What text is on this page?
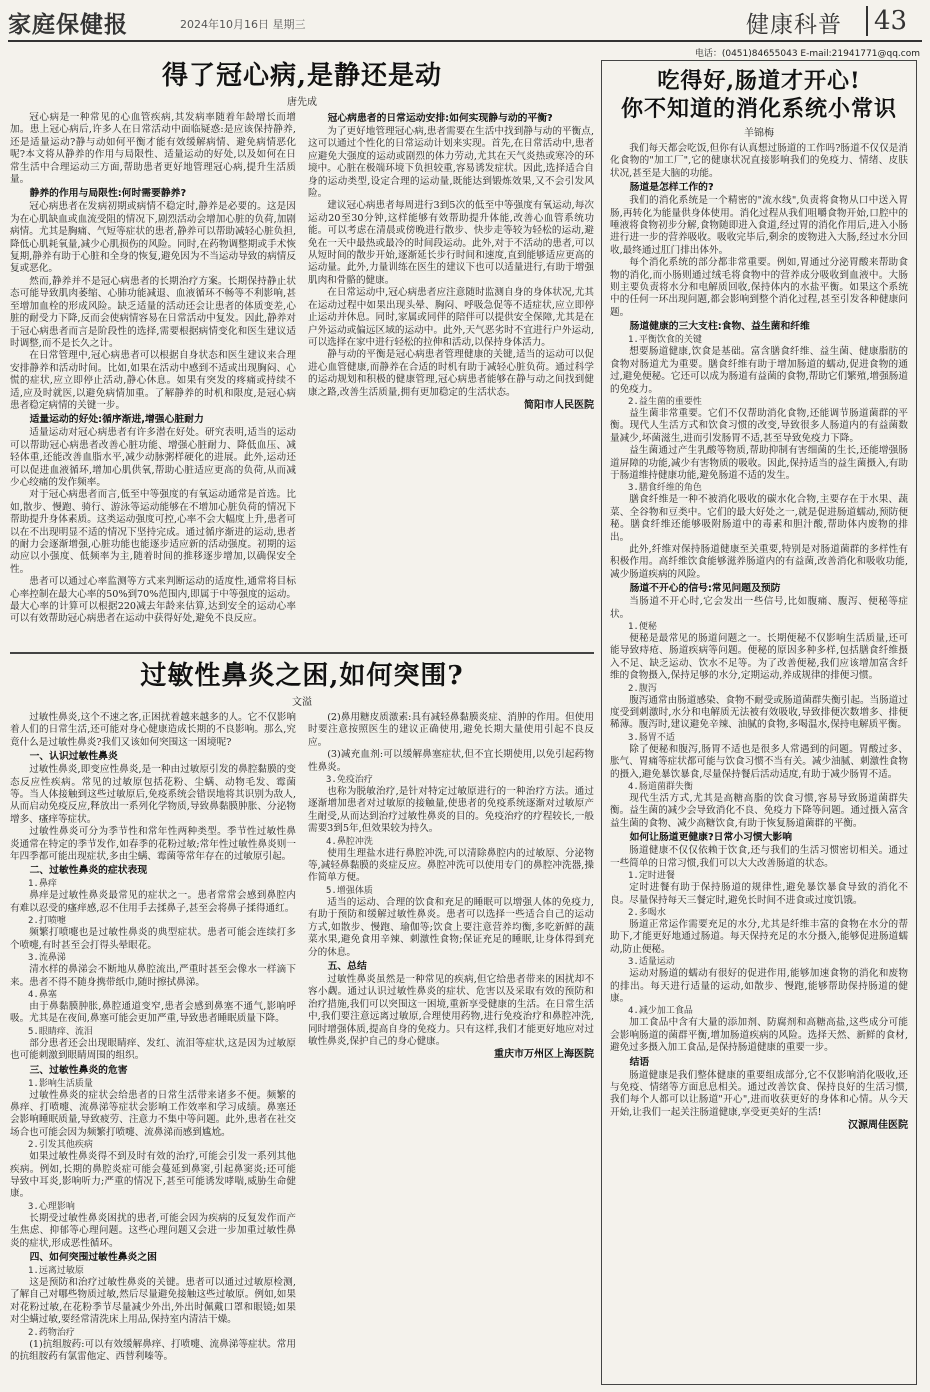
家庭保健报	2024年10月16日 星期三	健康科普	43
电话：(0451)84655043 E-mail:21941771@qq.com
得了冠心病,是静还是动
唐先成
冠心病是一种常见的心血管疾病,其发病率随着年龄增长而增加。患上冠心病后,许多人在日常活动中面临疑惑:是应该保持静养,还是适量运动?静与动如何平衡才能有效缓解病情、避免病情恶化呢?本文将从静养的作用与局限性、适量运动的好处,以及如何在日常生活中合理运动三方面,帮助患者更好地管理冠心病,提升生活质量。
静养的作用与局限性:何时需要静养?
冠心病患者在发病初期或病情不稳定时,静养是必要的。这是因为在心肌缺血或血流受阻的情况下,剧烈活动会增加心脏的负荷,加剧病情。尤其是胸痛、气短等症状的患者,静养可以帮助减轻心脏负担,降低心肌耗氧量,减少心肌损伤的风险。同时,在药物调整期或手术恢复期,静养有助于心脏和全身的恢复,避免因为不当运动导致的病情反复或恶化。
然而,静养并不是冠心病患者的长期治疗方案。长期保持静止状态可能导致肌肉萎缩、心肺功能减退、血液循环不畅等不利影响,甚至增加血栓的形成风险。缺乏适量的活动还会让患者的体质变差,心脏的耐受力下降,反而会使病情容易在日常活动中复发。因此,静养对于冠心病患者而言是阶段性的选择,需要根据病情变化和医生建议适时调整,而不是长久之计。
在日常管理中,冠心病患者可以根据自身状态和医生建议来合理安排静养和活动时间。比如,如果在活动中感到不适或出现胸闷、心慌的症状,应立即停止活动,静心休息。如果有突发的疼痛或持续不适,应及时就医,以避免病情加重。了解静养的时机和限度,是冠心病患者稳定病情的关键一步。
适量运动的好处:循序渐进,增强心脏耐力
适量运动对冠心病患者有许多潜在好处。研究表明,适当的运动可以帮助冠心病患者改善心脏功能、增强心脏耐力、降低血压、减轻体重,还能改善血脂水平,减少动脉粥样硬化的进展。此外,运动还可以促进血液循环,增加心肌供氧,帮助心脏适应更高的负荷,从而减少心绞痛的发作频率。
对于冠心病患者而言,低至中等强度的有氧运动通常是首选。比如,散步、慢跑、骑行、游泳等运动能够在不增加心脏负荷的情况下帮助提升身体素质。这类运动强度可控,心率不会大幅度上升,患者可以在不出现明显不适的情况下坚持完成。通过循序渐进的运动,患者的耐力会逐渐增强,心脏功能也能逐步适应新的活动强度。初期的运动应以小强度、低频率为主,随着时间的推移逐步增加,以确保安全性。
患者可以通过心率监测等方式来判断运动的适度性,通常将目标心率控制在最大心率的50%到70%范围内,即属于中等强度的运动。最大心率的计算可以根据220减去年龄来估算,达到安全的运动心率可以有效帮助冠心病患者在运动中获得好处,避免不良反应。
冠心病患者的日常运动安排:如何实现静与动的平衡?
为了更好地管理冠心病,患者需要在生活中找到静与动的平衡点,这可以通过个性化的日常运动计划来实现。首先,在日常活动中,患者应避免大强度的运动或剧烈的体力劳动,尤其在天气炎热或寒冷的环境中。心脏在极端环境下负担较重,容易诱发症状。因此,选择适合自身的运动类型,设定合理的运动量,既能达到锻炼效果,又不会引发风险。
建议冠心病患者每周进行3到5次的低至中等强度有氧运动,每次运动20至30分钟,这样能够有效帮助提升体能,改善心血管系统功能。可以考虑在清晨或傍晚进行散步、快步走等较为轻松的运动,避免在一天中最热或最冷的时间段运动。此外,对于不活动的患者,可以从短时间的散步开始,逐渐延长步行时间和速度,直到能够适应更高的运动量。此外,力量训练在医生的建议下也可以适量进行,有助于增强肌肉和骨骼的健康。
在日常运动中,冠心病患者应注意随时监测自身的身体状况,尤其在运动过程中如果出现头晕、胸闷、呼吸急促等不适症状,应立即停止运动并休息。同时,家属或同伴的陪伴可以提供安全保障,尤其是在户外运动或偏远区域的运动中。此外,天气恶劣时不宜进行户外运动,可以选择在家中进行轻松的拉伸和活动,以保持身体活力。
静与动的平衡是冠心病患者管理健康的关键,适当的运动可以促进心血管健康,而静养在合适的时机有助于减轻心脏负荷。通过科学的运动规划和积极的健康管理,冠心病患者能够在静与动之间找到健康之路,改善生活质量,拥有更加稳定的生活状态。
简阳市人民医院
过敏性鼻炎之困,如何突围?
文溢
过敏性鼻炎,这个不速之客,正困扰着越来越多的人。它不仅影响着人们的日常生活,还可能对身心健康造成长期的不良影响。那么,究竟什么是过敏性鼻炎?我们又该如何突围这一困境呢?
一、认识过敏性鼻炎
过敏性鼻炎,即变应性鼻炎,是一种由过敏原引发的鼻腔黏膜的变态反应性疾病。常见的过敏原包括花粉、尘螨、动物毛发、霉菌等。当人体接触到这些过敏原后,免疫系统会错误地将其识别为敌人,从而启动免疫反应,释放出一系列化学物质,导致鼻黏膜肿胀、分泌物增多、瘙痒等症状。
过敏性鼻炎可分为季节性和常年性两种类型。季节性过敏性鼻炎通常在特定的季节发作,如春季的花粉过敏;常年性过敏性鼻炎则一年四季都可能出现症状,多由尘螨、霉菌等常年存在的过敏原引起。
二、过敏性鼻炎的症状表现
1.鼻痒
鼻痒是过敏性鼻炎最常见的症状之一。患者常常会感到鼻腔内有难以忍受的瘙痒感,忍不住用手去揉鼻子,甚至会将鼻子揉得通红。
2.打喷嚏
频繁打喷嚏也是过敏性鼻炎的典型症状。患者可能会连续打多个喷嚏,有时甚至会打得头晕眼花。
3.流鼻涕
清水样的鼻涕会不断地从鼻腔流出,严重时甚至会像水一样滴下来。患者不得不随身携带纸巾,随时擦拭鼻涕。
4.鼻塞
由于鼻黏膜肿胀,鼻腔通道变窄,患者会感到鼻塞不通气,影响呼吸。尤其是在夜间,鼻塞可能会更加严重,导致患者睡眠质量下降。
5.眼睛痒、流泪
部分患者还会出现眼睛痒、发红、流泪等症状,这是因为过敏原也可能刺激到眼睛周围的组织。
三、过敏性鼻炎的危害
1.影响生活质量
过敏性鼻炎的症状会给患者的日常生活带来诸多不便。频繁的鼻痒、打喷嚏、流鼻涕等症状会影响工作效率和学习成绩。鼻塞还会影响睡眠质量,导致疲劳、注意力不集中等问题。此外,患者在社交场合也可能会因为频繁打喷嚏、流鼻涕而感到尴尬。
2.引发其他疾病
如果过敏性鼻炎得不到及时有效的治疗,可能会引发一系列其他疾病。例如,长期的鼻腔炎症可能会蔓延到鼻窦,引起鼻窦炎;还可能导致中耳炎,影响听力;严重的情况下,甚至可能诱发哮喘,威胁生命健康。
3.心理影响
长期受过敏性鼻炎困扰的患者,可能会因为疾病的反复发作而产生焦虑、抑郁等心理问题。这些心理问题又会进一步加重过敏性鼻炎的症状,形成恶性循环。
四、如何突围过敏性鼻炎之困
1.远离过敏原
这是预防和治疗过敏性鼻炎的关键。患者可以通过过敏原检测,了解自己对哪些物质过敏,然后尽量避免接触这些过敏原。例如,如果对花粉过敏,在花粉季节尽量减少外出,外出时佩戴口罩和眼镜;如果对尘螨过敏,要经常清洗床上用品,保持室内清洁干燥。
2.药物治疗
(1)抗组胺药:可以有效缓解鼻痒、打喷嚏、流鼻涕等症状。常用的抗组胺药有氯雷他定、西替利嗪等。
(2)鼻用糖皮质激素:具有减轻鼻黏膜炎症、消肿的作用。但使用时要注意按照医生的建议正确使用,避免长期大量使用引起不良反应。
(3)减充血剂:可以缓解鼻塞症状,但不宜长期使用,以免引起药物性鼻炎。
3.免疫治疗
也称为脱敏治疗,是针对特定过敏原进行的一种治疗方法。通过逐渐增加患者对过敏原的接触量,使患者的免疫系统逐渐对过敏原产生耐受,从而达到治疗过敏性鼻炎的目的。免疫治疗的疗程较长,一般需要3到5年,但效果较为持久。
4.鼻腔冲洗
使用生理盐水进行鼻腔冲洗,可以清除鼻腔内的过敏原、分泌物等,减轻鼻黏膜的炎症反应。鼻腔冲洗可以使用专门的鼻腔冲洗器,操作简单方便。
5.增强体质
适当的运动、合理的饮食和充足的睡眠可以增强人体的免疫力,有助于预防和缓解过敏性鼻炎。患者可以选择一些适合自己的运动方式,如散步、慢跑、瑜伽等;饮食上要注意营养均衡,多吃新鲜的蔬菜水果,避免食用辛辣、刺激性食物;保证充足的睡眠,让身体得到充分的休息。
五、总结
过敏性鼻炎虽然是一种常见的疾病,但它给患者带来的困扰却不容小觑。通过认识过敏性鼻炎的症状、危害以及采取有效的预防和治疗措施,我们可以突围这一困境,重新享受健康的生活。在日常生活中,我们要注意远离过敏原,合理使用药物,进行免疫治疗和鼻腔冲洗,同时增强体质,提高自身的免疫力。只有这样,我们才能更好地应对过敏性鼻炎,保护自己的身心健康。
重庆市万州区上海医院
吃得好,肠道才开心!
你不知道的消化系统小常识
羊锦梅
我们每天都会吃饭,但你有认真想过肠道的工作吗?肠道不仅仅是消化食物的"加工厂",它的健康状况直接影响我们的免疫力、情绪、皮肤状况,甚至是大脑的功能。
肠道是怎样工作的?
我们的消化系统是一个精密的"流水线",负责将食物从口中送入胃肠,再转化为能量供身体使用。消化过程从我们咀嚼食物开始,口腔中的唾液将食物初步分解,食物随即进入食道,经过胃的消化作用后,进入小肠进行进一步的营养吸收。吸收完毕后,剩余的废物进入大肠,经过水分回收,最终通过肛门排出体外。
每个消化系统的部分都非常重要。例如,胃通过分泌胃酸来帮助食物的消化,而小肠则通过绒毛将食物中的营养成分吸收到血液中。大肠则主要负责将水分和电解质回收,保持体内的水盐平衡。如果这个系统中的任何一环出现问题,都会影响到整个消化过程,甚至引发各种健康问题。
肠道健康的三大支柱:食物、益生菌和纤维
1.平衡饮食的关键
想要肠道健康,饮食是基础。富含膳食纤维、益生菌、健康脂肪的食物对肠道尤为重要。膳食纤维有助于增加肠道的蠕动,促进食物的通过,避免便秘。它还可以成为肠道有益菌的食物,帮助它们繁殖,增强肠道的免疫力。
2.益生菌的重要性
益生菌非常重要。它们不仅帮助消化食物,还能调节肠道菌群的平衡。现代人生活方式和饮食习惯的改变,导致很多人肠道内的有益菌数量减少,坏菌滋生,进而引发肠胃不适,甚至导致免疫力下降。
益生菌通过产生乳酸等物质,帮助抑制有害细菌的生长,还能增强肠道屏障的功能,减少有害物质的吸收。因此,保持适当的益生菌摄入,有助于肠道维持健康功能,避免肠道不适的发生。
3.膳食纤维的角色
膳食纤维是一种不被消化吸收的碳水化合物,主要存在于水果、蔬菜、全谷物和豆类中。它们的最大好处之一,就是促进肠道蠕动,预防便秘。膳食纤维还能够吸附肠道中的毒素和胆汁酸,帮助体内废物的排出。
此外,纤维对保持肠道健康至关重要,特别是对肠道菌群的多样性有积极作用。高纤维饮食能够滋养肠道内的有益菌,改善消化和吸收功能,减少肠道疾病的风险。
肠道不开心的信号:常见问题及预防
当肠道不开心时,它会发出一些信号,比如腹痛、腹泻、便秘等症状。
1.便秘
便秘是最常见的肠道问题之一。长期便秘不仅影响生活质量,还可能导致痔疮、肠道疾病等问题。便秘的原因多种多样,包括膳食纤维摄入不足、缺乏运动、饮水不足等。为了改善便秘,我们应该增加富含纤维的食物摄入,保持足够的水分,定期运动,养成规律的排便习惯。
2.腹泻
腹泻通常由肠道感染、食物不耐受或肠道菌群失衡引起。当肠道过度受到刺激时,水分和电解质无法被有效吸收,导致排便次数增多、排便稀薄。腹泻时,建议避免辛辣、油腻的食物,多喝温水,保持电解质平衡。
3.肠胃不适
除了便秘和腹泻,肠胃不适也是很多人常遇到的问题。胃酸过多、胀气、胃痛等症状都可能与饮食习惯不当有关。减少油腻、刺激性食物的摄入,避免暴饮暴食,尽量保持餐后活动适度,有助于减少肠胃不适。
4.肠道菌群失衡
现代生活方式,尤其是高糖高脂的饮食习惯,容易导致肠道菌群失衡。益生菌的减少会导致消化不良、免疫力下降等问题。通过摄入富含益生菌的食物、减少高糖饮食,有助于恢复肠道菌群的平衡。
如何让肠道更健康?日常小习惯大影响
肠道健康不仅仅依赖于饮食,还与我们的生活习惯密切相关。通过一些简单的日常习惯,我们可以大大改善肠道的状态。
1.定时进餐
定时进餐有助于保持肠道的规律性,避免暴饮暴食导致的消化不良。尽量保持每天三餐定时,避免长时间不进食或过度饥饿。
2.多喝水
肠道正常运作需要充足的水分,尤其是纤维丰富的食物在水分的帮助下,才能更好地通过肠道。每天保持充足的水分摄入,能够促进肠道蠕动,防止便秘。
3.适量运动
运动对肠道的蠕动有很好的促进作用,能够加速食物的消化和废物的排出。每天进行适量的运动,如散步、慢跑,能够帮助保持肠道的健康。
4.减少加工食品
加工食品中含有大量的添加剂、防腐剂和高糖高盐,这些成分可能会影响肠道的菌群平衡,增加肠道疾病的风险。选择天然、新鲜的食材,避免过多摄入加工食品,是保持肠道健康的重要一步。
结语
肠道健康是我们整体健康的重要组成部分,它不仅影响消化吸收,还与免疫、情绪等方面息息相关。通过改善饮食、保持良好的生活习惯,我们每个人都可以让肠道"开心",进而收获更好的身体和心情。从今天开始,让我们一起关注肠道健康,享受更美好的生活!
汉源周佳医院
